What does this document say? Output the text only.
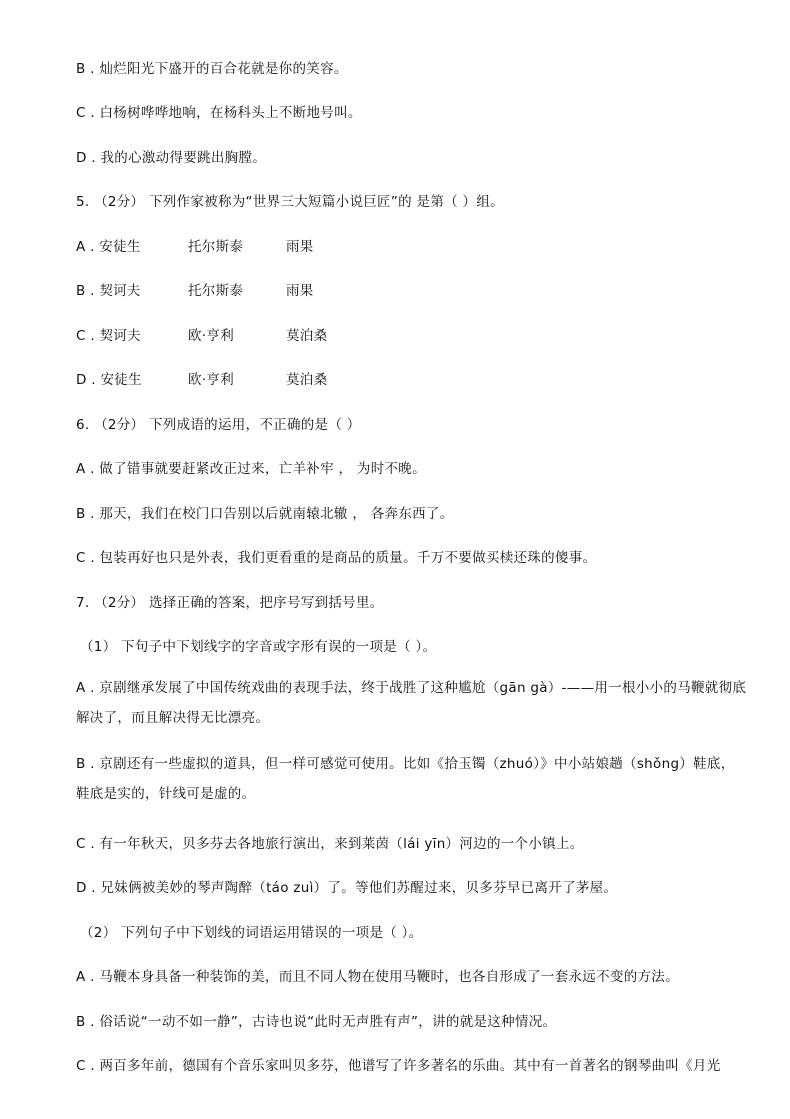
B . 灿烂阳光下盛开的百合花就是你的笑容。
C . 白杨树哗哗地响，在杨科头上不断地号叫。
D . 我的心激动得要跳出胸膛。
5. （2分） 下列作家被称为“世界三大短篇小说巨匠”的 是第（ ）组。
A . 安徒生	托尔斯泰	雨果
B . 契诃夫	托尔斯泰	雨果
C . 契诃夫	欧·亨利	莫泊桑
D . 安徒生	欧·亨利	莫泊桑
6. （2分） 下列成语的运用，不正确的是（ ）
A . 做了错事就要赶紧改正过来，亡羊补牢 ， 为时不晚。
B . 那天，我们在校门口告别以后就南辕北辙 ， 各奔东西了。
C . 包装再好也只是外表，我们更看重的是商品的质量。千万不要做买椟还珠的傻事。
7. （2分） 选择正确的答案，把序号写到括号里。
（1） 下句子中下划线字的字音或字形有误的一项是（ ）。
A . 京剧继承发展了中国传统戏曲的表现手法，终于战胜了这种尴尬（gān gà）-——用一根小小的马鞭就彻底解决了，而且解决得无比漂亮。
B . 京剧还有一些虚拟的道具，但一样可感觉可使用。比如《拾玉镯（zhuó）》中小站娘趟（shǒng）鞋底，鞋底是实的，针线可是虚的。
C . 有一年秋天，贝多芬去各地旅行演出，来到莱茵（lái yīn）河边的一个小镇上。
D . 兄妹俩被美妙的琴声陶醉（táo zuì）了。等他们苏醒过来，贝多芬早已离开了茅屋。
（2） 下列句子中下划线的词语运用错误的一项是（ ）。
A . 马鞭本身具备一种装饰的美，而且不同人物在使用马鞭时，也各自形成了一套永远不变的方法。
B . 俗话说“一动不如一静”，古诗也说“此时无声胜有声”，讲的就是这种情况。
C . 两百多年前，德国有个音乐家叫贝多芬，他谱写了许多著名的乐曲。其中有一首著名的钢琴曲叫《月光
